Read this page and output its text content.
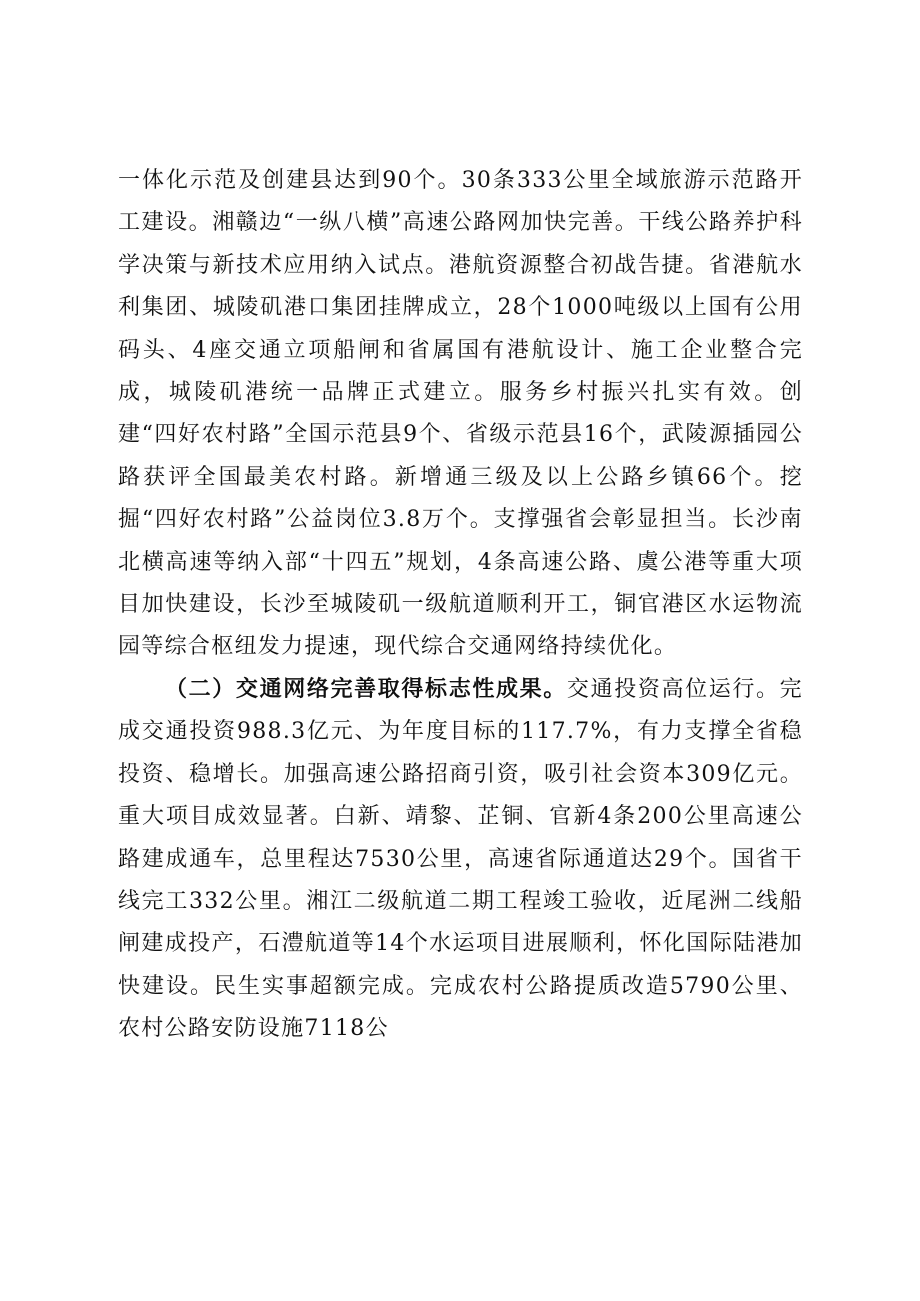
一体化示范及创建县达到90个。30条333公里全域旅游示范路开工建设。湘赣边“一纵八横”高速公路网加快完善。干线公路养护科学决策与新技术应用纳入试点。港航资源整合初战告捷。省港航水利集团、城陵矶港口集团挂牌成立，28个1000吨级以上国有公用码头、4座交通立项船闸和省属国有港航设计、施工企业整合完成，城陵矶港统一品牌正式建立。服务乡村振兴扎实有效。创建“四好农村路”全国示范县9个、省级示范县16个，武陵源插园公路获评全国最美农村路。新增通三级及以上公路乡镇66个。挖掘“四好农村路”公益岗位3.8万个。支撑强省会彰显担当。长沙南北横高速等纳入部“十四五”规划，4条高速公路、虞公港等重大项目加快建设，长沙至城陵矶一级航道顺利开工，铜官港区水运物流园等综合枢纽发力提速，现代综合交通网络持续优化。

（二）交通网络完善取得标志性成果。交通投资高位运行。完成交通投资988.3亿元、为年度目标的117.7%，有力支撑全省稳投资、稳增长。加强高速公路招商引资，吸引社会资本309亿元。重大项目成效显著。白新、靖黎、芷铜、官新4条200公里高速公路建成通车，总里程达7530公里，高速省际通道达29个。国省干线完工332公里。湘江二级航道二期工程竣工验收，近尾洲二线船闸建成投产，石澧航道等14个水运项目进展顺利，怀化国际陆港加快建设。民生实事超额完成。完成农村公路提质改造5790公里、农村公路安防设施7118公
